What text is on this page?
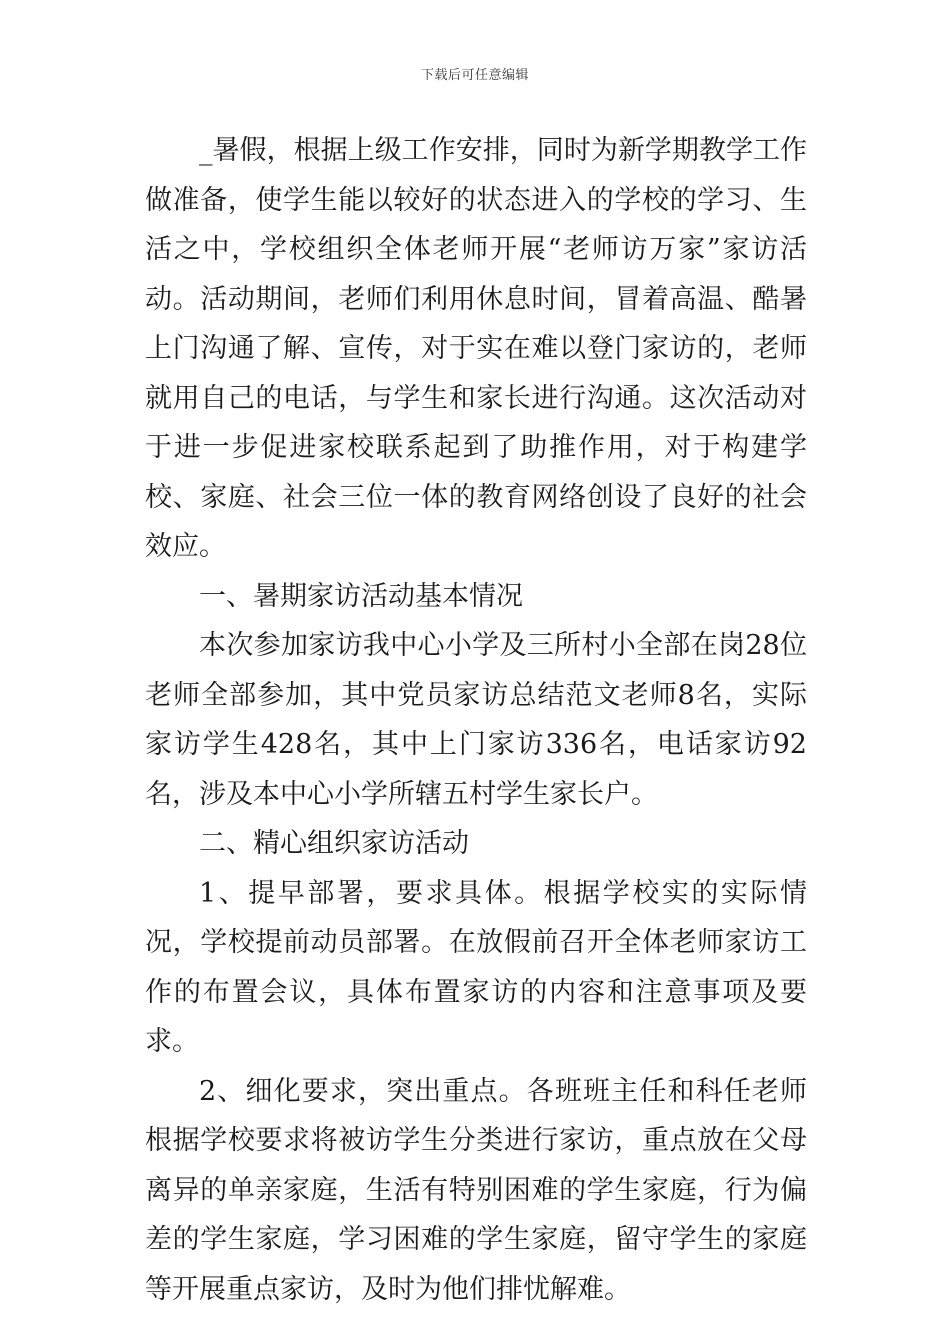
下载后可任意编辑

_暑假，根据上级工作安排，同时为新学期教学工作做准备，使学生能以较好的状态进入的学校的学习、生活之中，学校组织全体老师开展“老师访万家”家访活动。活动期间，老师们利用休息时间，冒着高温、酷暑上门沟通了解、宣传，对于实在难以登门家访的，老师就用自己的电话，与学生和家长进行沟通。这次活动对于进一步促进家校联系起到了助推作用，对于构建学校、家庭、社会三位一体的教育网络创设了良好的社会效应。

一、暑期家访活动基本情况

本次参加家访我中心小学及三所村小全部在岗28位老师全部参加，其中党员家访总结范文老师8名，实际家访学生428名，其中上门家访336名，电话家访92名，涉及本中心小学所辖五村学生家长户。

二、精心组织家访活动

1、提早部署，要求具体。根据学校实的实际情况，学校提前动员部署。在放假前召开全体老师家访工作的布置会议，具体布置家访的内容和注意事项及要求。

2、细化要求，突出重点。各班班主任和科任老师根据学校要求将被访学生分类进行家访，重点放在父母离异的单亲家庭，生活有特别困难的学生家庭，行为偏差的学生家庭，学习困难的学生家庭，留守学生的家庭等开展重点家访，及时为他们排忧解难。
